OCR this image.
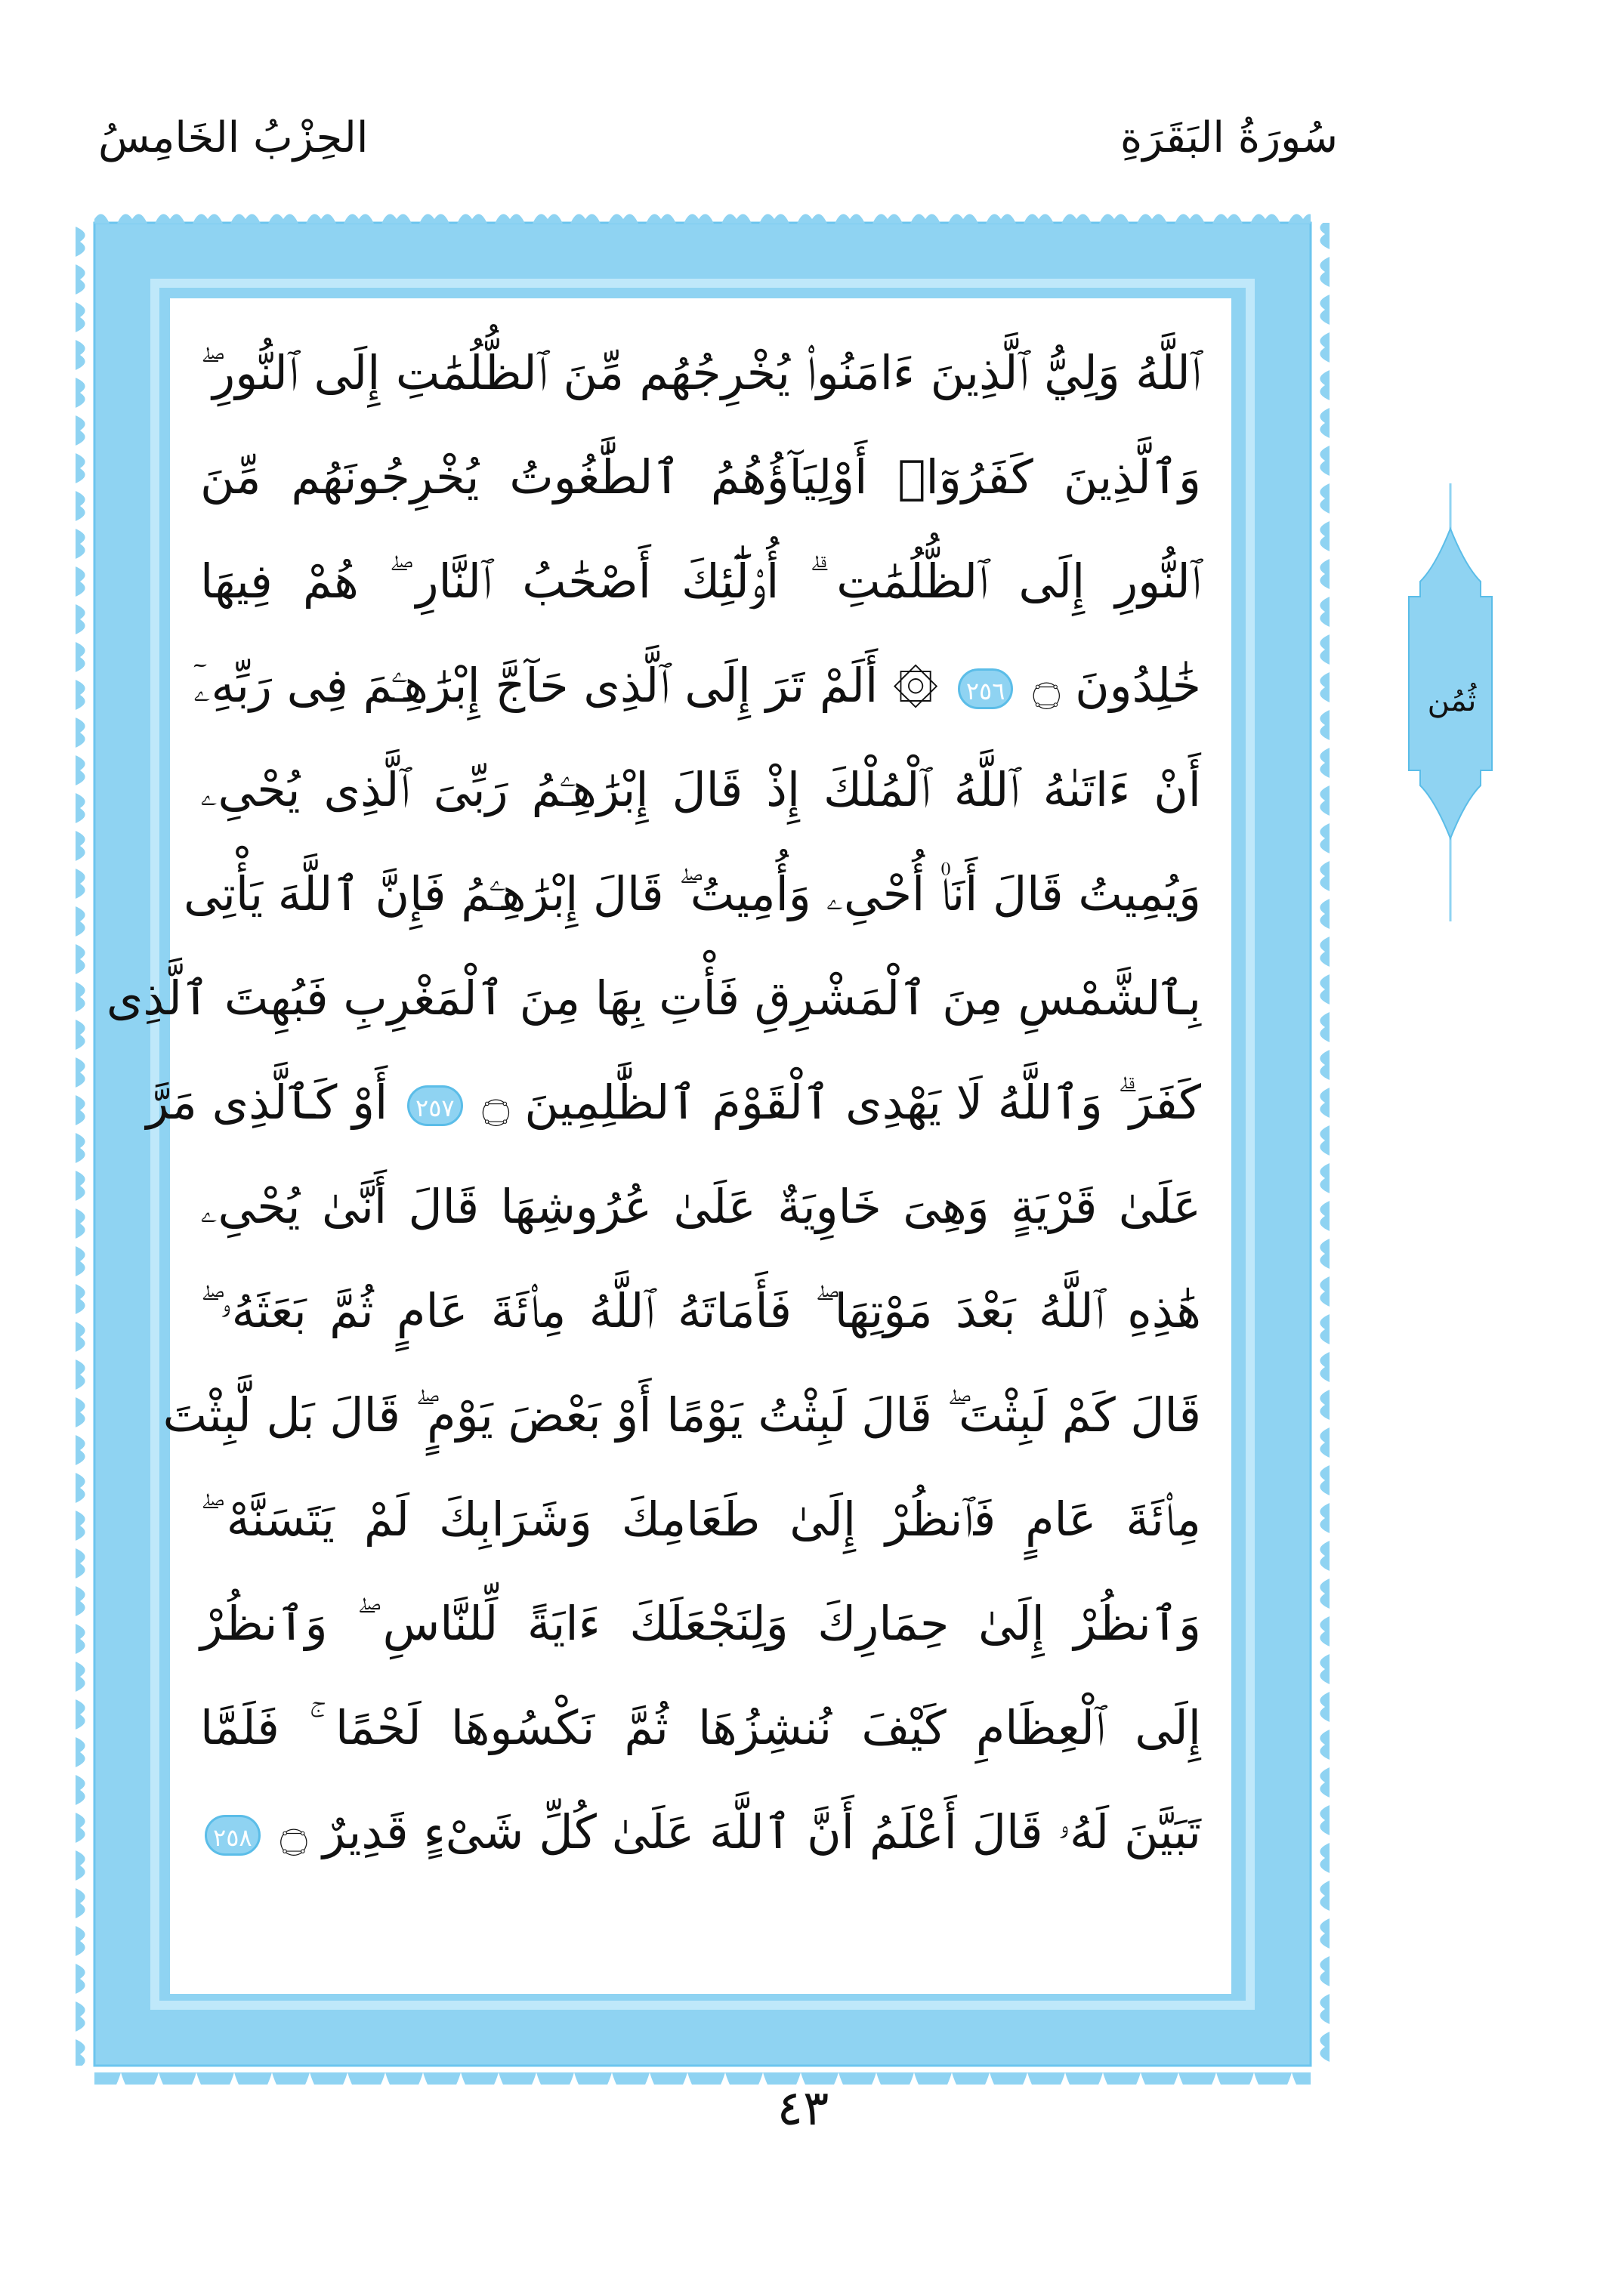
سُورَةُ البَقَرَةِ
الحِزْبُ الخَامِسُ
ٱللَّهُ وَلِيُّ ٱلَّذِينَ ءَامَنُوا۟ يُخْرِجُهُم مِّنَ ٱلظُّلُمَٰتِ إِلَى ٱلنُّورِ ۖ
وَٱلَّذِينَ كَفَرُوٓا۟ أَوْلِيَآؤُهُمُ ٱلطَّٰغُوتُ يُخْرِجُونَهُم مِّنَ
ٱلنُّورِ إِلَى ٱلظُّلُمَٰتِ ۗ أُو۟لَٰٓئِكَ أَصْحَٰبُ ٱلنَّارِ ۖ هُمْ فِيهَا
خَٰلِدُونَ ۝ ٢٥٦ ۞ أَلَمْ تَرَ إِلَى ٱلَّذِى حَآجَّ إِبْرَٰهِـۧمَ فِى رَبِّهِۦٓ
أَنْ ءَاتَىٰهُ ٱللَّهُ ٱلْمُلْكَ إِذْ قَالَ إِبْرَٰهِـۧمُ رَبِّىَ ٱلَّذِى يُحْىِۦ
وَيُمِيتُ قَالَ أَنَا۠ أُحْىِۦ وَأُمِيتُ ۖ قَالَ إِبْرَٰهِـۧمُ فَإِنَّ ٱللَّهَ يَأْتِى
بِٱلشَّمْسِ مِنَ ٱلْمَشْرِقِ فَأْتِ بِهَا مِنَ ٱلْمَغْرِبِ فَبُهِتَ ٱلَّذِى
كَفَرَ ۗ وَٱللَّهُ لَا يَهْدِى ٱلْقَوْمَ ٱلظَّٰلِمِينَ ۝ ٢٥٧ أَوْ كَٱلَّذِى مَرَّ
عَلَىٰ قَرْيَةٍ وَهِىَ خَاوِيَةٌ عَلَىٰ عُرُوشِهَا قَالَ أَنَّىٰ يُحْىِۦ
هَٰذِهِ ٱللَّهُ بَعْدَ مَوْتِهَا ۖ فَأَمَاتَهُ ٱللَّهُ مِا۟ئَةَ عَامٍ ثُمَّ بَعَثَهُۥ ۖ
قَالَ كَمْ لَبِثْتَ ۖ قَالَ لَبِثْتُ يَوْمًا أَوْ بَعْضَ يَوْمٍ ۖ قَالَ بَل لَّبِثْتَ
مِا۟ئَةَ عَامٍ فَٱنظُرْ إِلَىٰ طَعَامِكَ وَشَرَابِكَ لَمْ يَتَسَنَّهْ ۖ
وَٱنظُرْ إِلَىٰ حِمَارِكَ وَلِنَجْعَلَكَ ءَايَةً لِّلنَّاسِ ۖ وَٱنظُرْ
إِلَى ٱلْعِظَامِ كَيْفَ نُنشِزُهَا ثُمَّ نَكْسُوهَا لَحْمًا ۚ فَلَمَّا
تَبَيَّنَ لَهُۥ قَالَ أَعْلَمُ أَنَّ ٱللَّهَ عَلَىٰ كُلِّ شَىْءٍ قَدِيرٌ ۝ ٢٥٨
ثُمُن
٤٣
